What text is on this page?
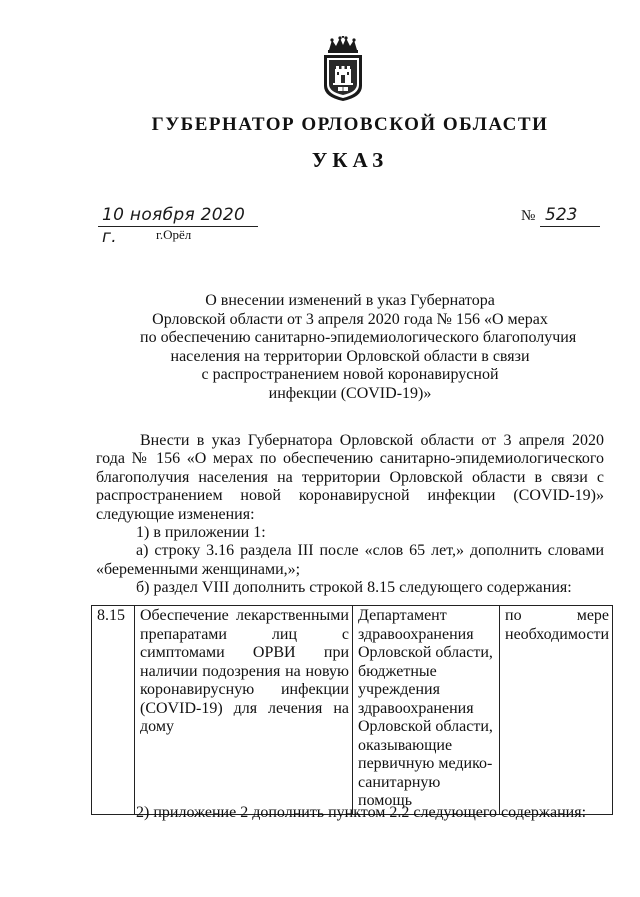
ГУБЕРНАТОР ОРЛОВСКОЙ ОБЛАСТИ
УКАЗ
10 ноября 2020 г.	г.Орёл
№ 523
О внесении изменений в указ Губернатора
Орловской области от 3 апреля 2020 года № 156 «О мерах
по обеспечению санитарно-эпидемиологического благополучия
населения на территории Орловской области в связи
с распространением новой коронавирусной
инфекции (COVID-19)»

Внести в указ Губернатора Орловской области от 3 апреля 2020 года № 156 «О мерах по обеспечению санитарно-эпидемиологического благополучия населения на территории Орловской области в связи с распространением новой коронавирусной инфекции (COVID-19)» следующие изменения:

1) в приложении 1:

а) строку 3.16 раздела III после «слов 65 лет,» дополнить словами «беременными женщинами,»;

б) раздел VIII дополнить строкой 8.15 следующего содержания:

8.15	Обеспечение лекарственными препаратами лиц с симптомами ОРВИ при наличии подозрения на новую коронавирусную инфекции (COVID-19) для лечения на дому	Департамент здравоохранения Орловской области, бюджетные учреждения здравоохранения Орловской области, оказывающие первичную медико-санитарную помощь	по мере необходимости
2) приложение 2 дополнить пунктом 2.2 следующего содержания:
